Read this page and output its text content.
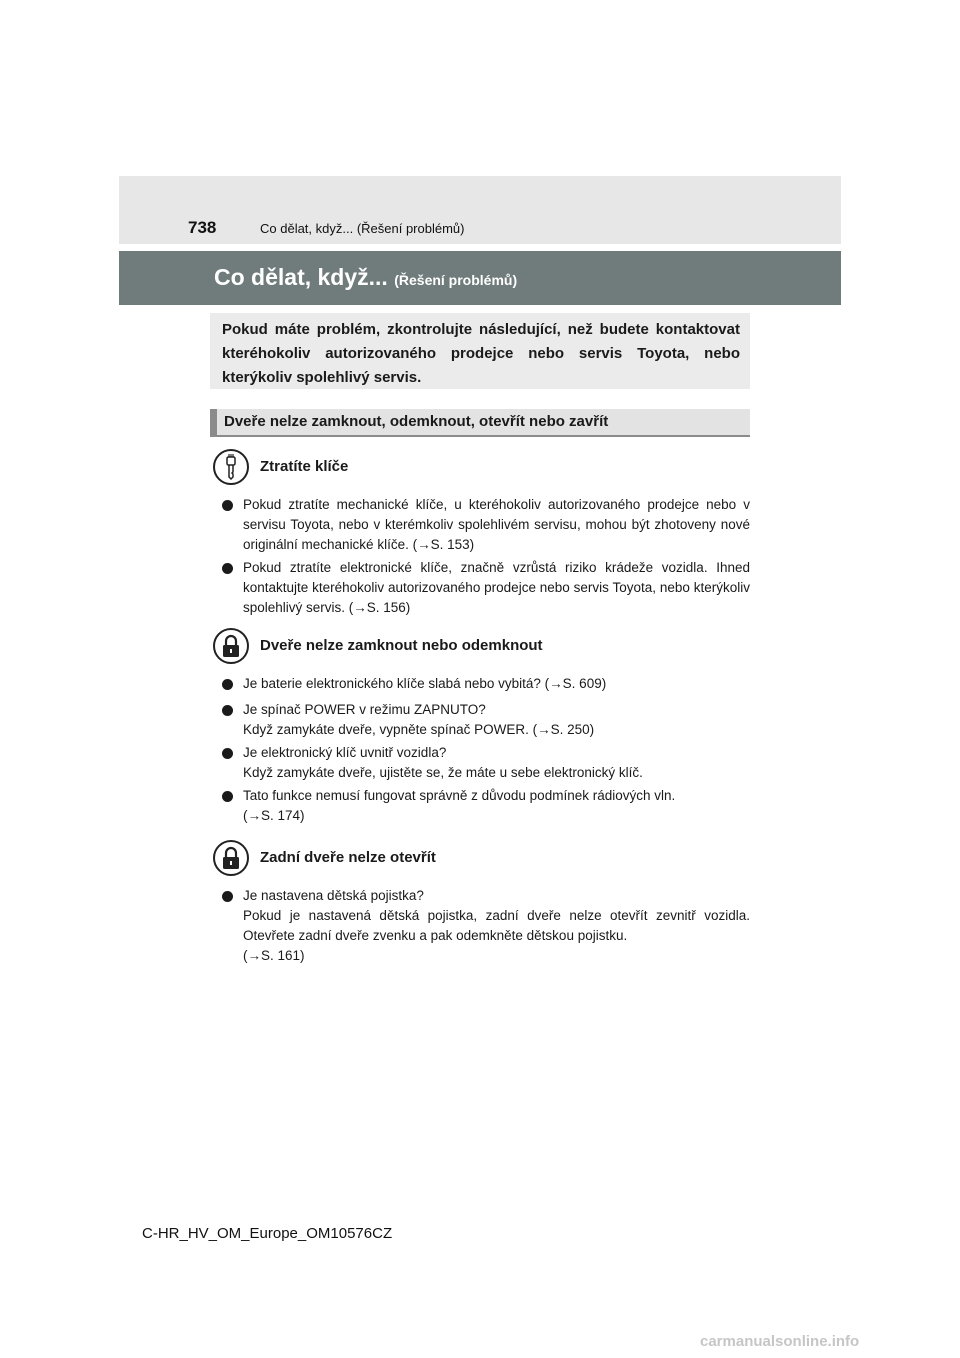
738	Co dělat, když... (Řešení problémů)
Co dělat, když... (Řešení problémů)
Pokud máte problém, zkontrolujte následující, než budete kontaktovat kteréhokoliv autorizovaného prodejce nebo servis Toyota, nebo kterýkoliv spolehlivý servis.
Dveře nelze zamknout, odemknout, otevřít nebo zavřít
Ztratíte klíče
Pokud ztratíte mechanické klíče, u kteréhokoliv autorizovaného prodejce nebo v servisu Toyota, nebo v kterémkoliv spolehlivém servisu, mohou být zhotoveny nové originální mechanické klíče. (→S. 153)
Pokud ztratíte elektronické klíče, značně vzrůstá riziko krádeže vozidla. Ihned kontaktujte kteréhokoliv autorizovaného prodejce nebo servis Toyota, nebo kterýkoliv spolehlivý servis. (→S. 156)
Dveře nelze zamknout nebo odemknout
Je baterie elektronického klíče slabá nebo vybitá? (→S. 609)
Je spínač POWER v režimu ZAPNUTO?
Když zamykáte dveře, vypněte spínač POWER. (→S. 250)
Je elektronický klíč uvnitř vozidla?
Když zamykáte dveře, ujistěte se, že máte u sebe elektronický klíč.
Tato funkce nemusí fungovat správně z důvodu podmínek rádiových vln.
(→S. 174)
Zadní dveře nelze otevřít
Je nastavena dětská pojistka?
Pokud je nastavená dětská pojistka, zadní dveře nelze otevřít zevnitř vozidla. Otevřete zadní dveře zvenku a pak odemkněte dětskou pojistku.
(→S. 161)
C-HR_HV_OM_Europe_OM10576CZ
carmanualsonline.info
